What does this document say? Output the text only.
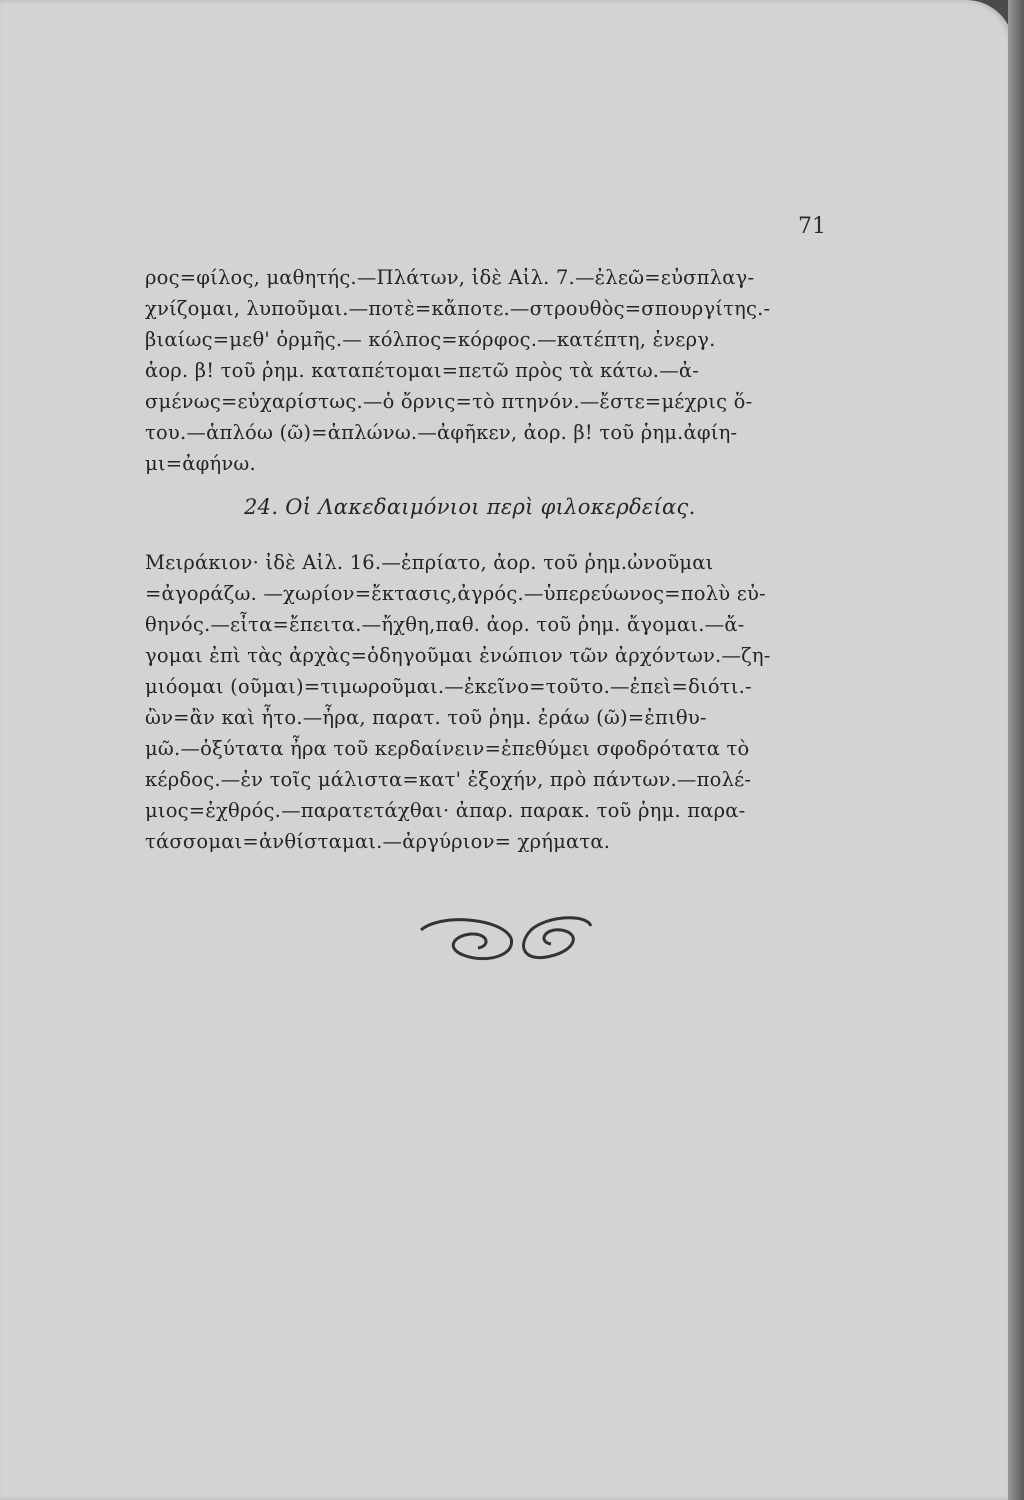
71
ρος=φίλος, μαθητής.—Πλάτων, ἰδὲ Αἰλ. 7.—ἐλεῶ=εὐσπλαγ-
χνίζομαι, λυποῦμαι.—ποτὲ=κἄποτε.—στρουθὸς=σπουργίτης.-
βιαίως=μεθ' ὁρμῆς.— κόλπος=κόρφος.—κατέπτη, ἐνεργ.
ἀορ. β! τοῦ ῥημ. καταπέτομαι=πετῶ πρὸς τὰ κάτω.—ἀ-
σμένως=εὐχαρίστως.—ὁ ὄρνις=τὸ πτηνόν.—ἔστε=μέχρις ὅ-
του.—ἁπλόω (ῶ)=ἁπλώνω.—ἀφῆκεν, ἀορ. β! τοῦ ῥημ.ἀφίη-
μι=ἀφήνω.
24. Οἱ Λακεδαιμόνιοι περὶ φιλοκερδείας.
Μειράκιον· ἰδὲ Αἰλ. 16.—ἐπρίατο, ἀορ. τοῦ ῥημ.ὠνοῦμαι
=ἀγοράζω. —χωρίον=ἔκτασις,ἀγρός.—ὑπερεύωνος=πολὺ εὐ-
θηνός.—εἶτα=ἔπειτα.—ἤχθη,παθ. ἀορ. τοῦ ῥημ. ἄγομαι.—ἄ-
γομαι ἐπὶ τὰς ἀρχὰς=ὁδηγοῦμαι ἐνώπιον τῶν ἀρχόντων.—ζη-
μιόομαι (οῦμαι)=τιμωροῦμαι.—ἐκεῖνο=τοῦτο.—ἐπεὶ=διότι.-
ὢν=ἂν καὶ ἦτο.—ἦρα, παρατ. τοῦ ῥημ. ἐράω (ῶ)=ἐπιθυ-
μῶ.—ὀξύτατα ἦρα τοῦ κερδαίνειν=ἐπεθύμει σφοδρότατα τὸ
κέρδος.—ἐν τοῖς μάλιστα=κατ' ἐξοχήν, πρὸ πάντων.—πολέ-
μιος=ἐχθρός.—παρατετάχθαι· ἀπαρ. παρακ. τοῦ ῥημ. παρα-
τάσσομαι=ἀνθίσταμαι.—ἀργύριον= χρήματα.
